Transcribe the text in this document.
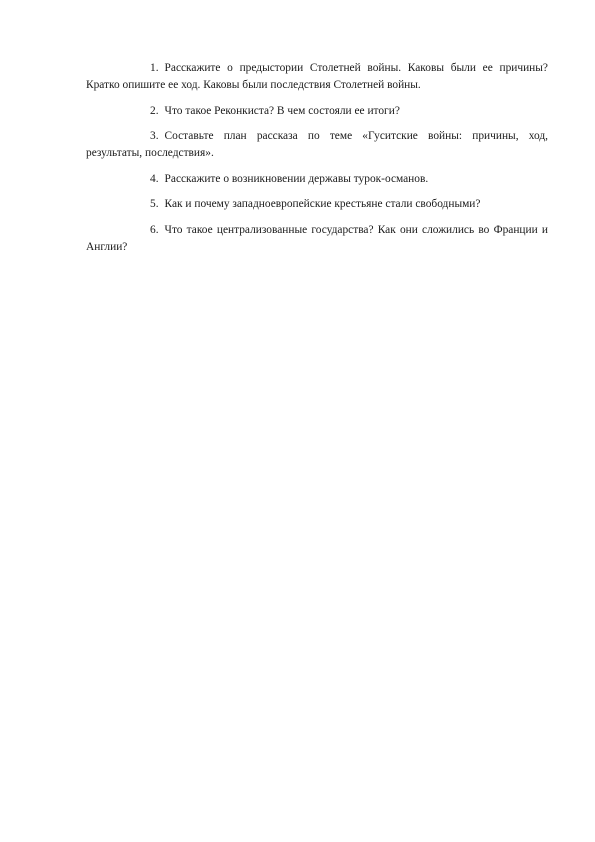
1. Расскажите о предыстории Столетней войны. Каковы были ее причины? Кратко опишите ее ход. Каковы были последствия Столетней войны.

2. Что такое Реконкиста? В чем состояли ее итоги?

3. Составьте план рассказа по теме «Гуситские войны: причины, ход, результаты, последствия».

4. Расскажите о возникновении державы турок-османов.

5. Как и почему западноевропейские крестьяне стали свободными?

6. Что такое централизованные государства? Как они сложились во Франции и Англии?
